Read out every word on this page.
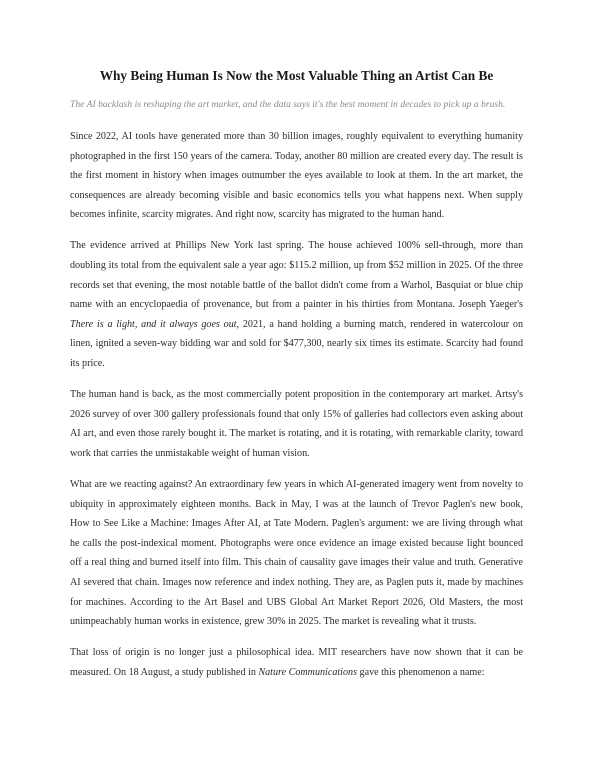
Why Being Human Is Now the Most Valuable Thing an Artist Can Be

The AI backlash is reshaping the art market, and the data says it's the best moment in decades to pick up a brush.

Since 2022, AI tools have generated more than 30 billion images, roughly equivalent to everything humanity photographed in the first 150 years of the camera. Today, another 80 million are created every day. The result is the first moment in history when images outnumber the eyes available to look at them. In the art market, the consequences are already becoming visible and basic economics tells you what happens next. When supply becomes infinite, scarcity migrates. And right now, scarcity has migrated to the human hand.

The evidence arrived at Phillips New York last spring. The house achieved 100% sell-through, more than doubling its total from the equivalent sale a year ago: $115.2 million, up from $52 million in 2025. Of the three records set that evening, the most notable battle of the ballot didn't come from a Warhol, Basquiat or blue chip name with an encyclopaedia of provenance, but from a painter in his thirties from Montana. Joseph Yaeger's There is a light, and it always goes out, 2021, a hand holding a burning match, rendered in watercolour on linen, ignited a seven-way bidding war and sold for $477,300, nearly six times its estimate. Scarcity had found its price.

The human hand is back, as the most commercially potent proposition in the contemporary art market. Artsy's 2026 survey of over 300 gallery professionals found that only 15% of galleries had collectors even asking about AI art, and even those rarely bought it. The market is rotating, and it is rotating, with remarkable clarity, toward work that carries the unmistakable weight of human vision.

What are we reacting against? An extraordinary few years in which AI-generated imagery went from novelty to ubiquity in approximately eighteen months. Back in May, I was at the launch of Trevor Paglen's new book, How to See Like a Machine: Images After AI, at Tate Modern. Paglen's argument: we are living through what he calls the post-indexical moment. Photographs were once evidence an image existed because light bounced off a real thing and burned itself into film. This chain of causality gave images their value and truth. Generative AI severed that chain. Images now reference and index nothing. They are, as Paglen puts it, made by machines for machines. According to the Art Basel and UBS Global Art Market Report 2026, Old Masters, the most unimpeachably human works in existence, grew 30% in 2025. The market is revealing what it trusts.

That loss of origin is no longer just a philosophical idea. MIT researchers have now shown that it can be measured. On 18 August, a study published in Nature Communications gave this phenomenon a name:
